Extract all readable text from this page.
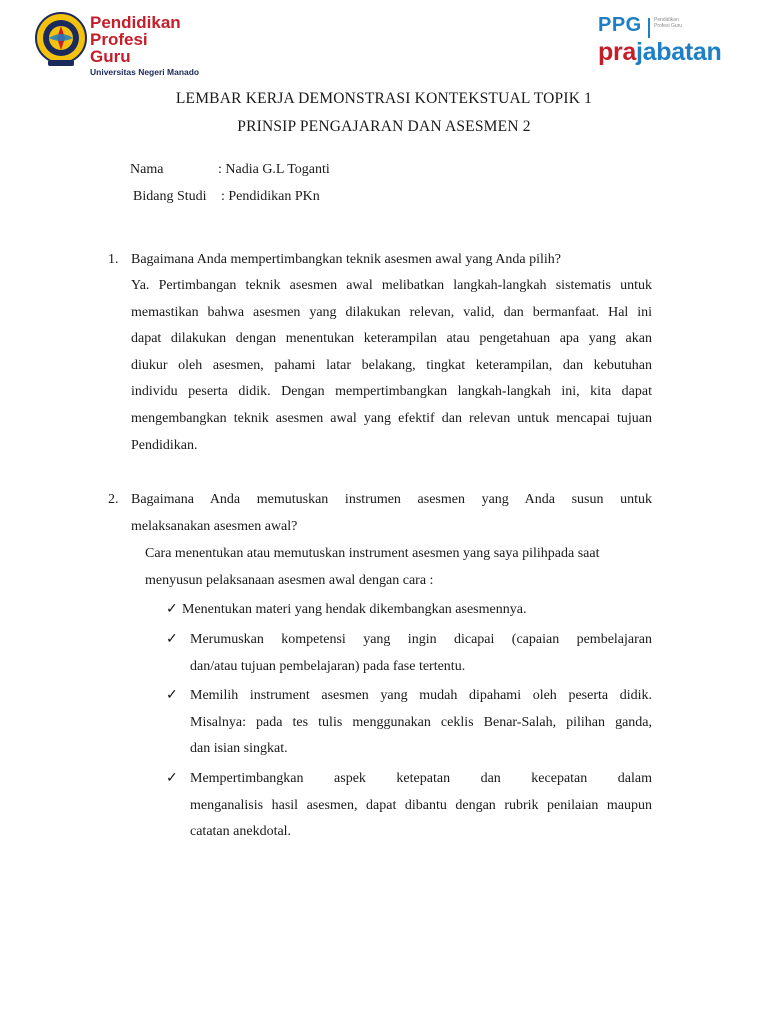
Pendidikan
Profesi
Guru
Universitas Negeri Manado
PPG Pendidikan Profesi Guru
prajabatan
LEMBAR KERJA DEMONSTRASI KONTEKSTUAL TOPIK 1
PRINSIP PENGAJARAN DAN ASESMEN 2
Nama	: Nadia G.L Toganti
Bidang Studi : Pendidikan PKn
1. Bagaimana Anda mempertimbangkan teknik asesmen awal yang Anda pilih?
Ya. Pertimbangan teknik asesmen awal melibatkan langkah-langkah sistematis untuk
memastikan bahwa asesmen yang dilakukan relevan, valid, dan bermanfaat. Hal ini
dapat dilakukan dengan menentukan keterampilan atau pengetahuan apa yang akan
diukur oleh asesmen, pahami latar belakang, tingkat keterampilan, dan kebutuhan
individu peserta didik. Dengan mempertimbangkan langkah-langkah ini, kita dapat
mengembangkan teknik asesmen awal yang efektif dan relevan untuk mencapai tujuan
Pendidikan.
2. Bagaimana Anda memutuskan instrumen asesmen yang Anda susun untuk
melaksanakan asesmen awal?
Cara menentukan atau memutuskan instrument asesmen yang saya pilihpada saat
menyusun pelaksanaan asesmen awal dengan cara :
✓ Menentukan materi yang hendak dikembangkan asesmennya.
✓ Merumuskan kompetensi yang ingin dicapai (capaian pembelajaran
dan/atau tujuan pembelajaran) pada fase tertentu.
✓ Memilih instrument asesmen yang mudah dipahami oleh peserta didik.
Misalnya: pada tes tulis menggunakan ceklis Benar-Salah, pilihan ganda,
dan isian singkat.
✓ Mempertimbangkan aspek ketepatan dan kecepatan dalam
menganalisis hasil asesmen, dapat dibantu dengan rubrik penilaian maupun
catatan anekdotal.
